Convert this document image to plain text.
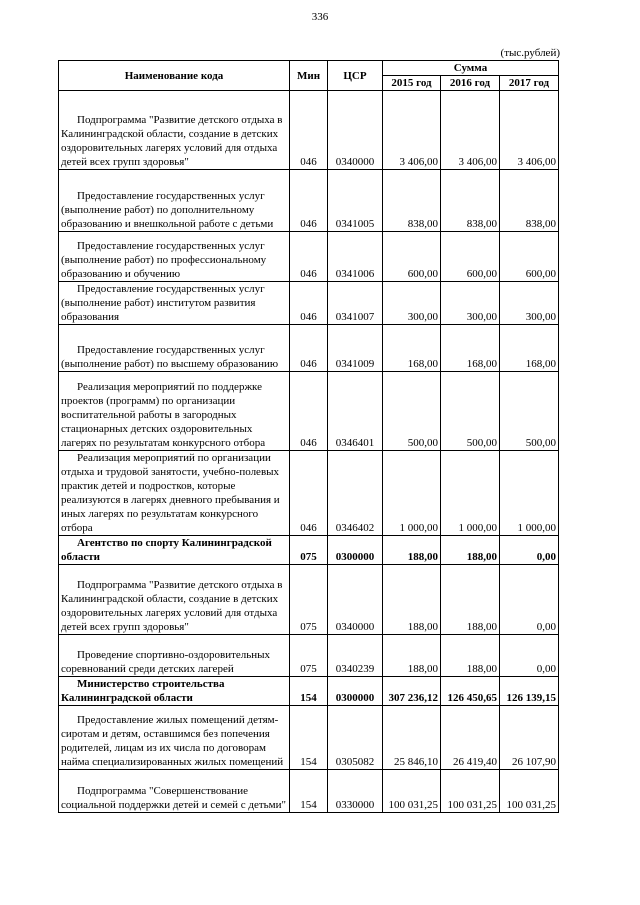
336
(тыс.рублей)
Наименование кода	Мин	ЦСР	Сумма		
			2015 год	2016 год	2017 год
Подпрограмма "Развитие детского отдыха в Калининградской области, создание в детских оздоровительных лагерях условий для отдыха детей всех групп здоровья"	046	0340000	3 406,00	3 406,00	3 406,00
Предоставление государственных услуг (выполнение работ) по дополнительному образованию и внешкольной работе с детьми	046	0341005	838,00	838,00	838,00
Предоставление государственных услуг (выполнение работ) по профессиональному образованию и обучению	046	0341006	600,00	600,00	600,00
Предоставление государственных услуг (выполнение работ) институтом развития образования	046	0341007	300,00	300,00	300,00
Предоставление государственных услуг (выполнение работ) по высшему образованию	046	0341009	168,00	168,00	168,00
Реализация мероприятий по поддержке проектов (программ) по организации воспитательной работы в загородных стационарных детских оздоровительных лагерях по результатам конкурсного отбора	046	0346401	500,00	500,00	500,00
Реализация мероприятий по организации отдыха и трудовой занятости, учебно-полевых практик детей и подростков, которые реализуются в лагерях дневного пребывания и иных лагерях по результатам конкурсного отбора	046	0346402	1 000,00	1 000,00	1 000,00
Агентство по спорту Калининградской области	075	0300000	188,00	188,00	0,00
Подпрограмма "Развитие детского отдыха в Калининградской области, создание в детских оздоровительных лагерях условий для отдыха детей всех групп здоровья"	075	0340000	188,00	188,00	0,00
Проведение спортивно-оздоровительных соревнований среди детских лагерей	075	0340239	188,00	188,00	0,00
Министерство строительства Калининградской области	154	0300000	307 236,12	126 450,65	126 139,15
Предоставление жилых помещений детям-сиротам и детям, оставшимся без попечения родителей, лицам из их числа по договорам найма специализированных жилых помещений	154	0305082	25 846,10	26 419,40	26 107,90
Подпрограмма "Совершенствование социальной поддержки детей и семей с детьми"	154	0330000	100 031,25	100 031,25	100 031,25
